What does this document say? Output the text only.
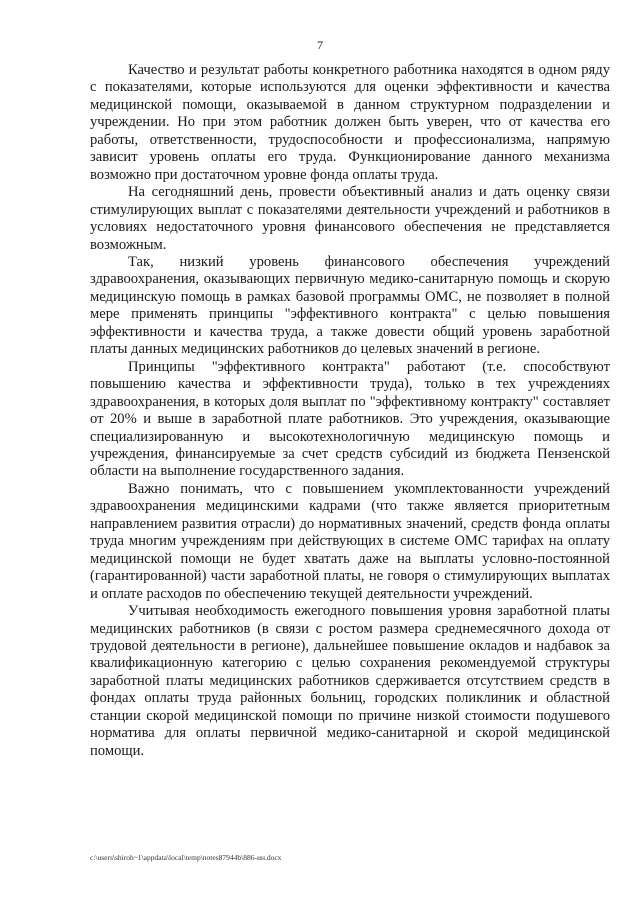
7

Качество и результат работы конкретного работника находятся в одном ряду с показателями, которые используются для оценки эффективности и качества медицинской помощи, оказываемой в данном структурном подразделении и учреждении. Но при этом работник должен быть уверен, что от качества его работы, ответственности, трудоспособности и профессионализма, напрямую зависит уровень оплаты его труда. Функционирование данного механизма возможно при достаточном уровне фонда оплаты труда.

На сегодняшний день, провести объективный анализ и дать оценку связи стимулирующих выплат с показателями деятельности учреждений и работников в условиях недостаточного уровня финансового обеспечения не представляется возможным.

Так, низкий уровень финансового обеспечения учреждений здравоохранения, оказывающих первичную медико-санитарную помощь и скорую медицинскую помощь в рамках базовой программы ОМС, не позволяет в полной мере применять принципы "эффективного контракта" с целью повышения эффективности и качества труда, а также довести общий уровень заработной платы данных медицинских работников до целевых значений в регионе.

Принципы "эффективного контракта" работают (т.е. способствуют повышению качества и эффективности труда), только в тех учреждениях здравоохранения, в которых доля выплат по "эффективному контракту" составляет от 20% и выше в заработной плате работников. Это учреждения, оказывающие специализированную и высокотехнологичную медицинскую помощь и учреждения, финансируемые за счет средств субсидий из бюджета Пензенской области на выполнение государственного задания.

Важно понимать, что с повышением укомплектованности учреждений здравоохранения медицинскими кадрами (что также является приоритетным направлением развития отрасли) до нормативных значений, средств фонда оплаты труда многим учреждениям при действующих в системе ОМС тарифах на оплату медицинской помощи не будет хватать даже на выплаты условно-постоянной (гарантированной) части заработной платы, не говоря о стимулирующих выплатах и оплате расходов по обеспечению текущей деятельности учреждений.

Учитывая необходимость ежегодного повышения уровня заработной платы медицинских работников (в связи с ростом размера среднемесячного дохода от трудовой деятельности в регионе), дальнейшее повышение окладов и надбавок за квалификационную категорию с целью сохранения рекомендуемой структуры заработной платы медицинских работников сдерживается отсутствием средств в фондах оплаты труда районных больниц, городских поликлиник и областной станции скорой медицинской помощи по причине низкой стоимости подушевого норматива для оплаты первичной медико-санитарной и скорой медицинской помощи.

c:\users\shiroh~1\appdata\local\temp\notes87944b\886-ин.docx
